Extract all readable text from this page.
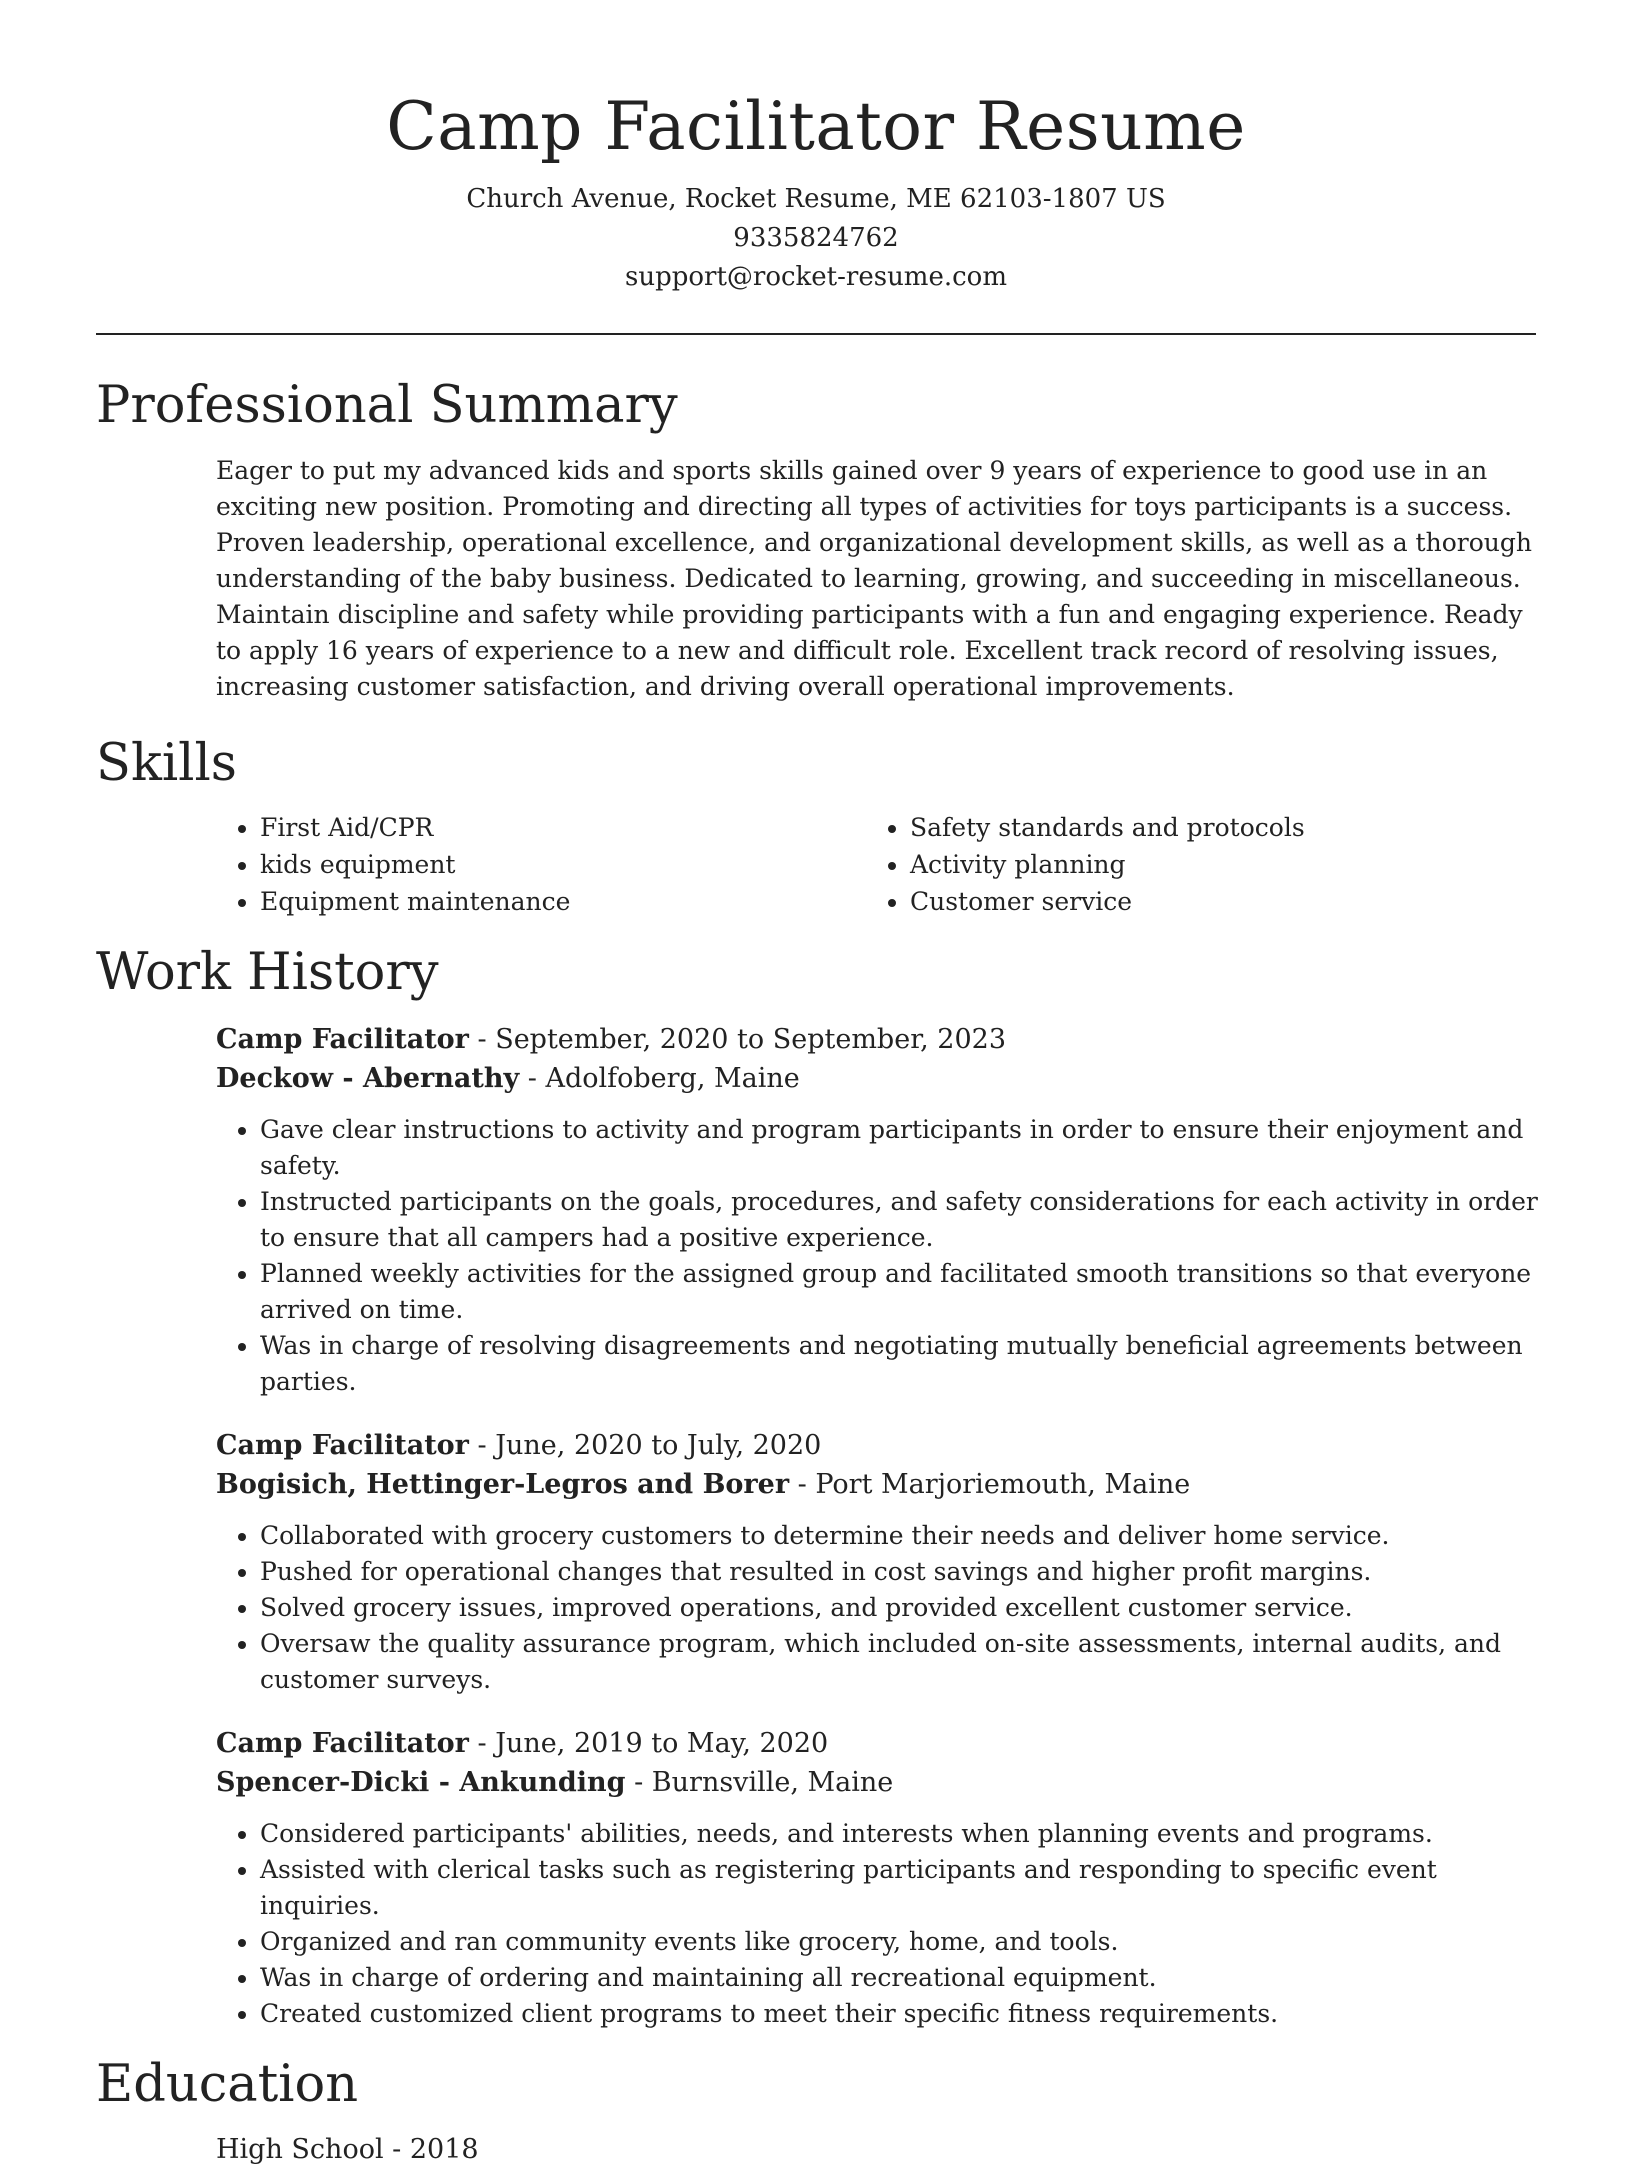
Camp Facilitator Resume

Church Avenue, Rocket Resume, ME 62103-1807 US

9335824762

support@rocket-resume.com

Professional Summary

Eager to put my advanced kids and sports skills gained over 9 years of experience to good use in an exciting new position. Promoting and directing all types of activities for toys participants is a success. Proven leadership, operational excellence, and organizational development skills, as well as a thorough understanding of the baby business. Dedicated to learning, growing, and succeeding in miscellaneous. Maintain discipline and safety while providing participants with a fun and engaging experience. Ready to apply 16 years of experience to a new and difficult role. Excellent track record of resolving issues, increasing customer satisfaction, and driving overall operational improvements.

Skills
• First Aid/CPR
• kids equipment
• Equipment maintenance
• Safety standards and protocols
• Activity planning
• Customer service
Work History

Camp Facilitator - September, 2020 to September, 2023

Deckow - Abernathy - Adolfoberg, Maine

• Gave clear instructions to activity and program participants in order to ensure their enjoyment and safety.
• Instructed participants on the goals, procedures, and safety considerations for each activity in order to ensure that all campers had a positive experience.
• Planned weekly activities for the assigned group and facilitated smooth transitions so that everyone arrived on time.
• Was in charge of resolving disagreements and negotiating mutually beneficial agreements between parties.

Camp Facilitator - June, 2020 to July, 2020

Bogisich, Hettinger-Legros and Borer - Port Marjoriemouth, Maine

• Collaborated with grocery customers to determine their needs and deliver home service.
• Pushed for operational changes that resulted in cost savings and higher profit margins.
• Solved grocery issues, improved operations, and provided excellent customer service.
• Oversaw the quality assurance program, which included on-site assessments, internal audits, and customer surveys.

Camp Facilitator - June, 2019 to May, 2020

Spencer-Dicki - Ankunding - Burnsville, Maine

• Considered participants' abilities, needs, and interests when planning events and programs.
• Assisted with clerical tasks such as registering participants and responding to specific event inquiries.
• Organized and ran community events like grocery, home, and tools.
• Was in charge of ordering and maintaining all recreational equipment.
• Created customized client programs to meet their specific fitness requirements.
Education

High School - 2018
